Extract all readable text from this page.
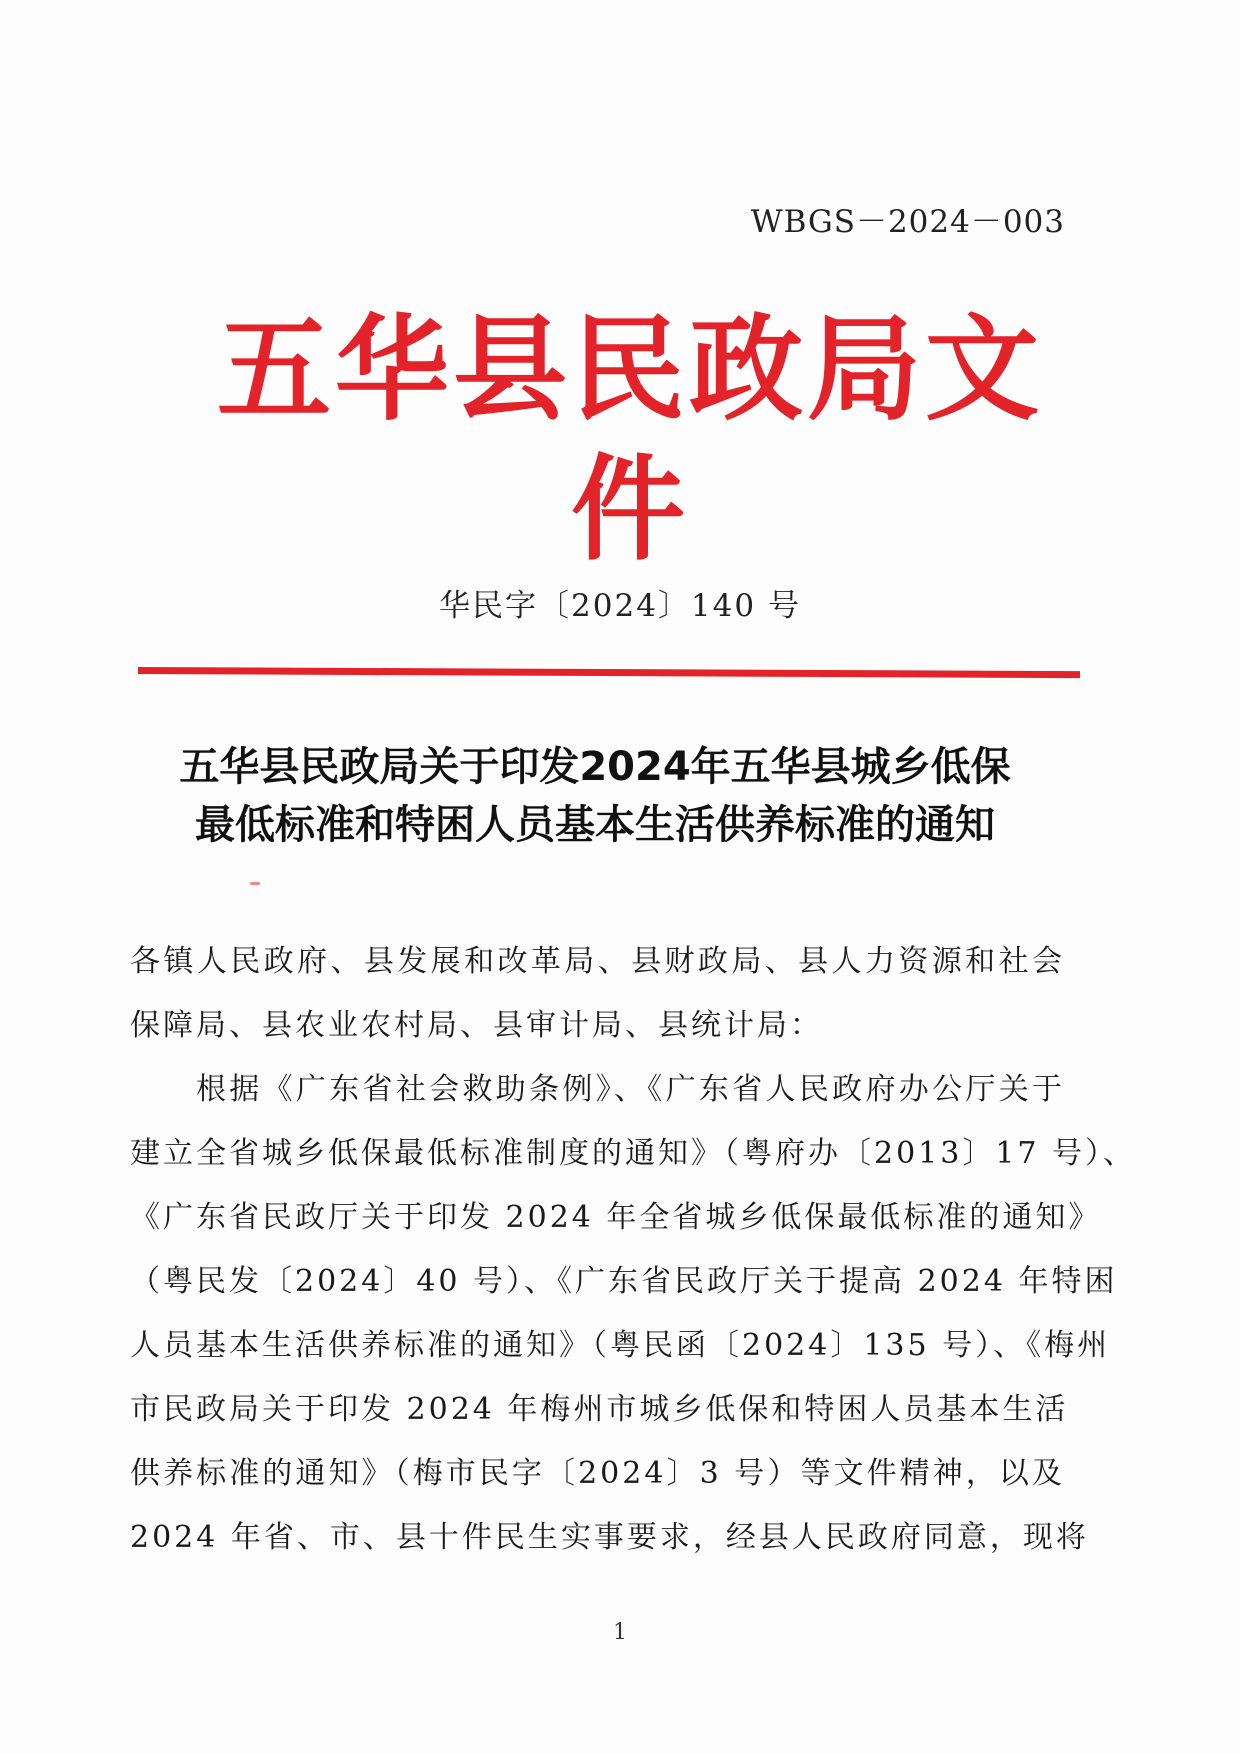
WBGS－2024－003
五华县民政局文件
华民字〔2024〕140 号
五华县民政局关于印发2024年五华县城乡低保
最低标准和特困人员基本生活供养标准的通知
各镇人民政府、县发展和改革局、县财政局、县人力资源和社会
保障局、县农业农村局、县审计局、县统计局：
根据《广东省社会救助条例》、《广东省人民政府办公厅关于
建立全省城乡低保最低标准制度的通知》（粤府办〔2013〕17 号）、
《广东省民政厅关于印发 2024 年全省城乡低保最低标准的通知》
（粤民发〔2024〕40 号）、《广东省民政厅关于提高 2024 年特困
人员基本生活供养标准的通知》（粤民函〔2024〕135 号）、《梅州
市民政局关于印发 2024 年梅州市城乡低保和特困人员基本生活
供养标准的通知》（梅市民字〔2024〕3 号）等文件精神，以及
2024 年省、市、县十件民生实事要求，经县人民政府同意，现将
1
